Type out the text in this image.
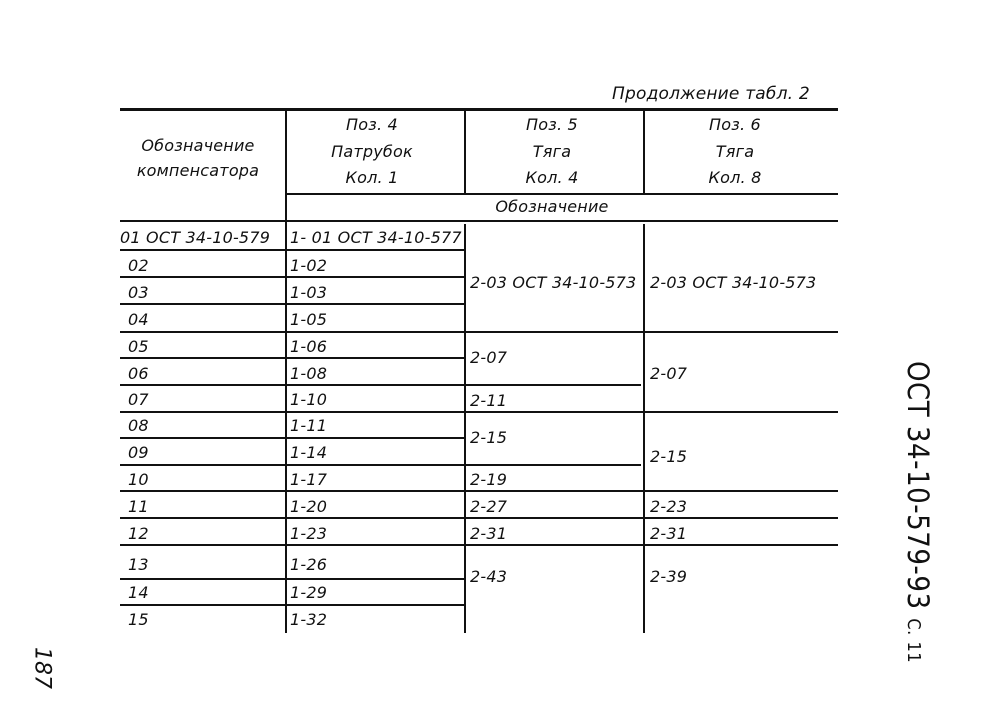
Продолжение табл. 2
ОСТ 34-10-579-93 С. 11
187
Обозначение
компенсатора
Поз. 4
Патрубок
Кол. 1
Поз. 5
Тяга
Кол. 4
Поз. 6
Тяга
Кол. 8
Обозначение
01 ОСТ 34-10-579
02
03
04
05
06
07
08
09
10
11
12
13
14
15
1- 01 ОСТ 34-10-577
1-02
1-03
1-05
1-06
1-08
1-10
1-11
1-14
1-17
1-20
1-23
1-26
1-29
1-32
2-03 ОСТ 34-10-573
2-07
2-11
2-15
2-19
2-27
2-31
2-43
2-03 ОСТ 34-10-573
2-07
2-15
2-23
2-31
2-39
